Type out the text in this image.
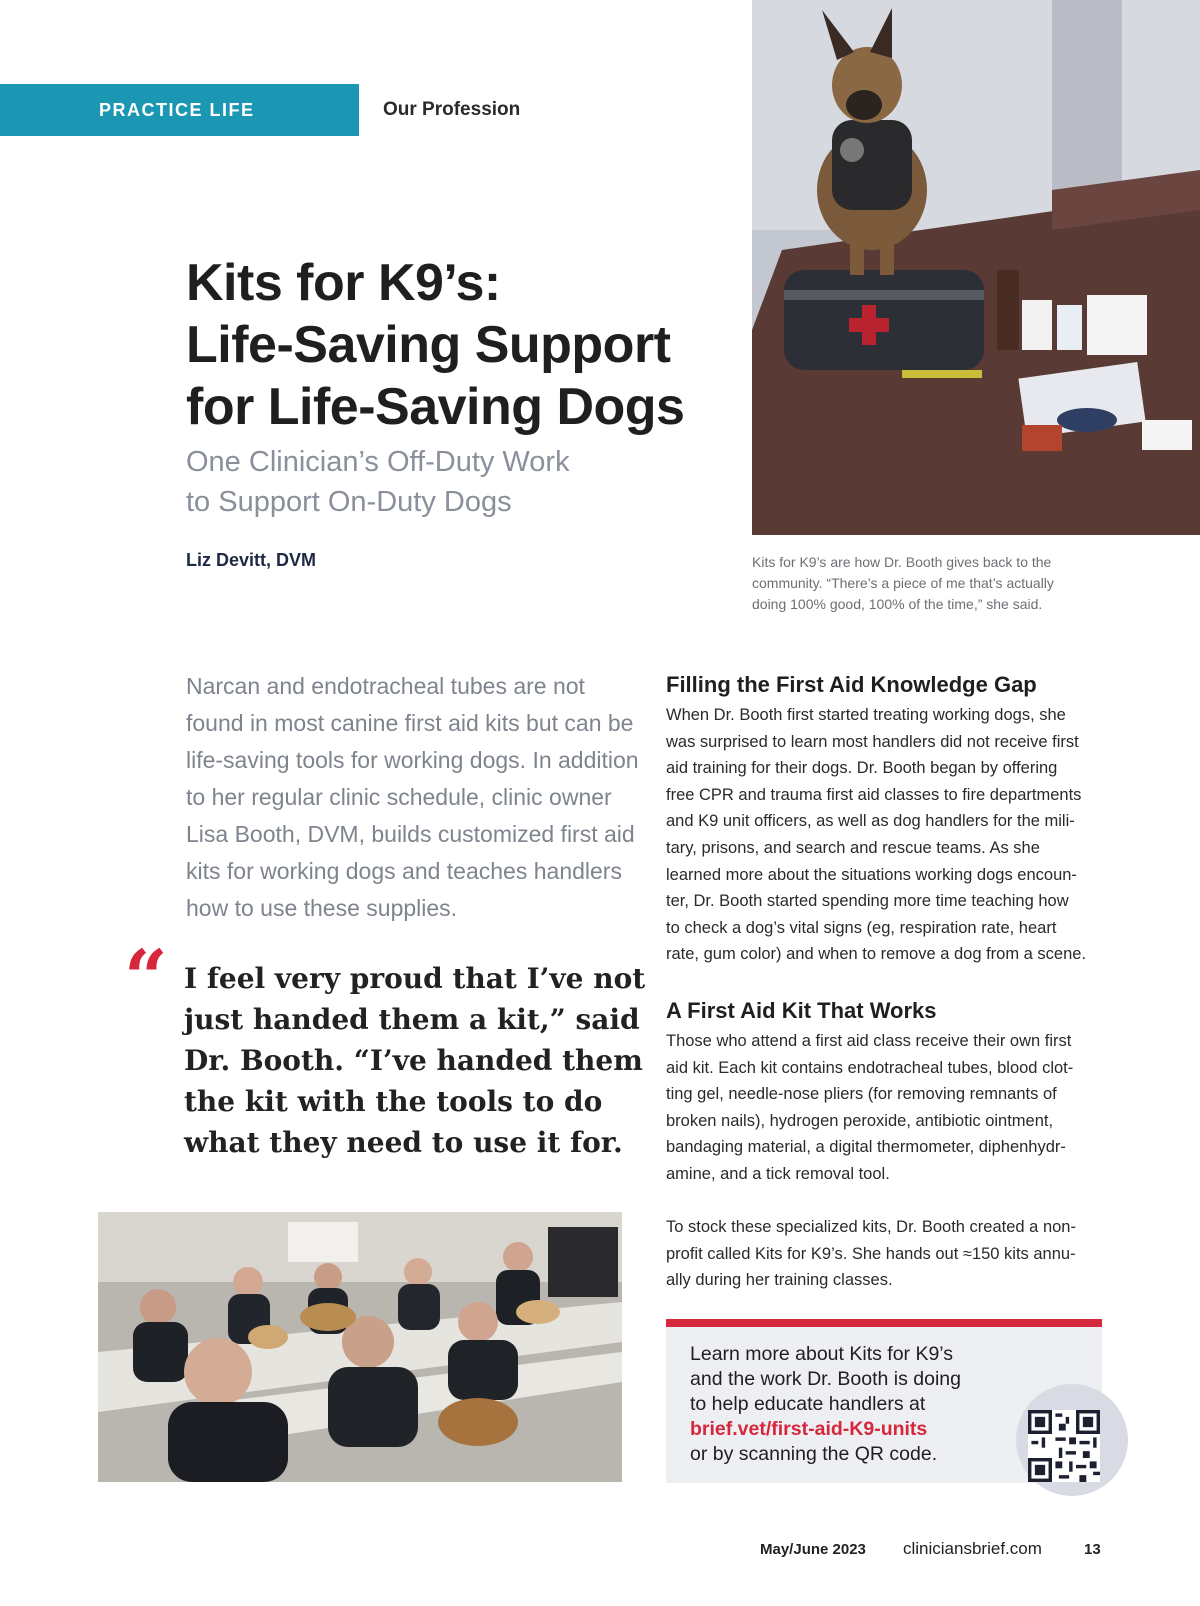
PRACTICE LIFE	Our Profession
Kits for K9’s:
Life-Saving Support
for Life-Saving Dogs
One Clinician’s Off-Duty Work
to Support On-Duty Dogs
Liz Devitt, DVM	Kits for K9’s are how Dr. Booth gives back to the
community. “There’s a piece of me that’s actually
doing 100% good, 100% of the time,” she said.
Narcan and endotracheal tubes are not
found in most canine first aid kits but can be
life-saving tools for working dogs. In addition
to her regular clinic schedule, clinic owner
Lisa Booth, DVM, builds customized first aid
kits for working dogs and teaches handlers
how to use these supplies.
“ I feel very proud that I’ve not
just handed them a kit,” said
Dr. Booth. “I’ve handed them
the kit with the tools to do
what they need to use it for.
Filling the First Aid Knowledge Gap
When Dr. Booth first started treating working dogs, she
was surprised to learn most handlers did not receive first
aid training for their dogs. Dr. Booth began by offering
free CPR and trauma first aid classes to fire departments
and K9 unit officers, as well as dog handlers for the mili-
tary, prisons, and search and rescue teams. As she
learned more about the situations working dogs encoun-
ter, Dr. Booth started spending more time teaching how
to check a dog’s vital signs (eg, respiration rate, heart
rate, gum color) and when to remove a dog from a scene.
A First Aid Kit That Works
Those who attend a first aid class receive their own first
aid kit. Each kit contains endotracheal tubes, blood clot-
ting gel, needle-nose pliers (for removing remnants of
broken nails), hydrogen peroxide, antibiotic ointment,
bandaging material, a digital thermometer, diphenhydr-
amine, and a tick removal tool.
To stock these specialized kits, Dr. Booth created a non-
profit called Kits for K9’s. She hands out ≈150 kits annu-
ally during her training classes.
Learn more about Kits for K9’s
and the work Dr. Booth is doing
to help educate handlers at
brief.vet/first-aid-K9-units
or by scanning the QR code.
May/June 2023 cliniciansbrief.com	13
